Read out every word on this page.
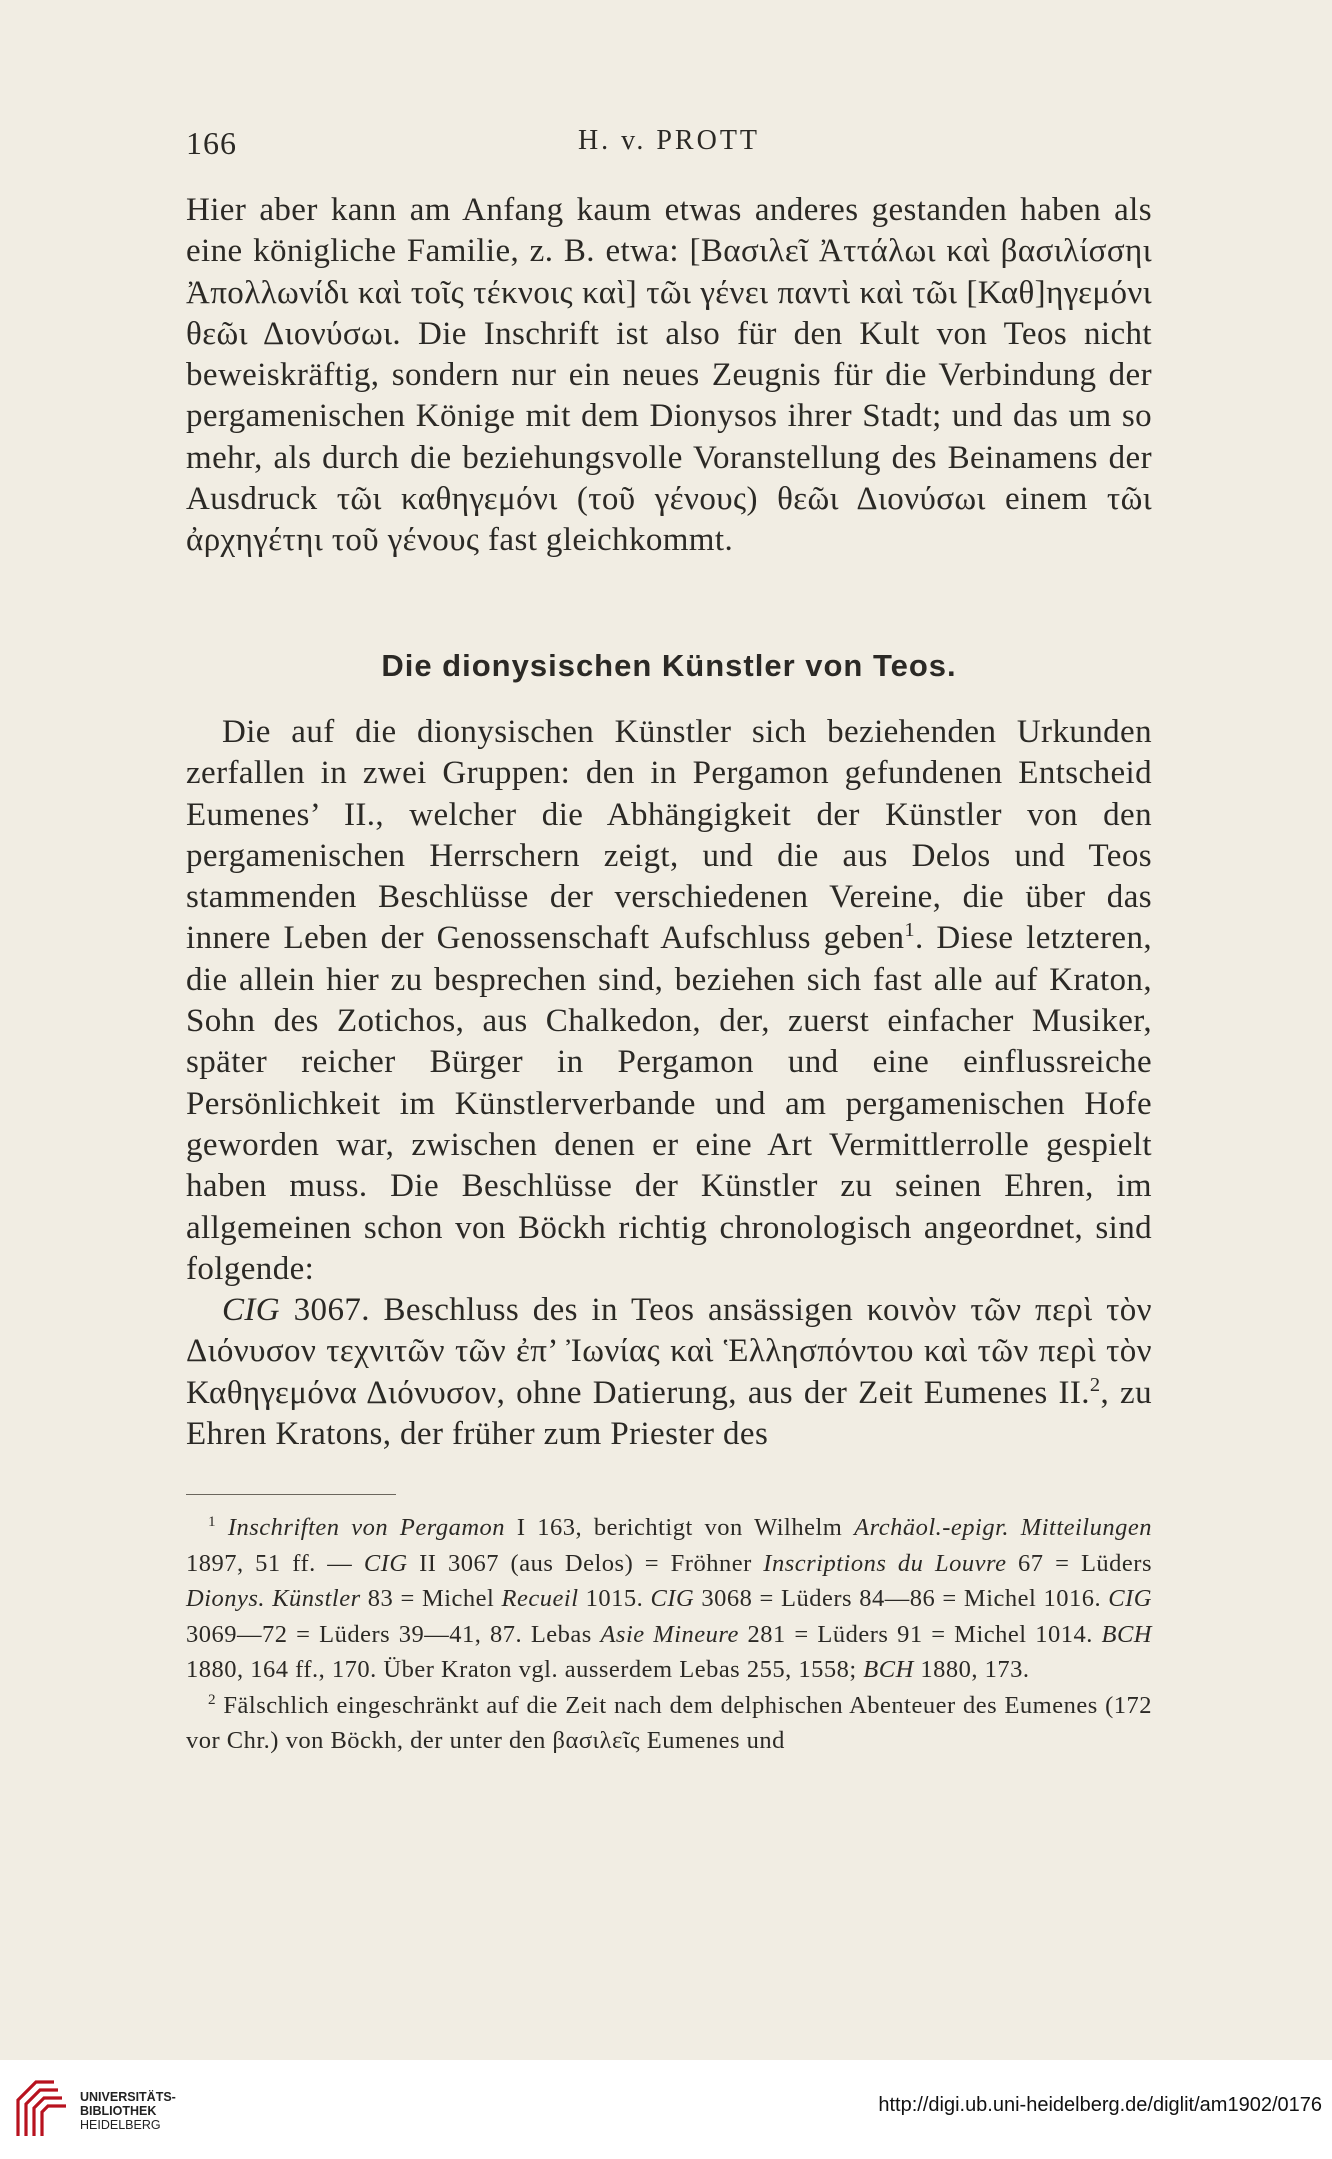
166	H. v. PROTT

Hier aber kann am Anfang kaum etwas anderes gestanden haben als eine königliche Familie, z. B. etwa: [Βασιλεῖ Ἀττάλωι καὶ βασιλίσσηι Ἀπολλωνίδι καὶ τοῖς τέκνοις καὶ] τῶι γένει παντὶ καὶ τῶι [Καθ]ηγεμόνι θεῶι Διονύσωι. Die Inschrift ist also für den Kult von Teos nicht beweiskräftig, sondern nur ein neues Zeugnis für die Verbindung der pergamenischen Könige mit dem Dionysos ihrer Stadt; und das um so mehr, als durch die beziehungsvolle Voranstellung des Beinamens der Ausdruck τῶι καθηγεμόνι (τοῦ γένους) θεῶι Διονύσωι einem τῶι ἀρχηγέτηι τοῦ γένους fast gleichkommt.

Die dionysischen Künstler von Teos.

Die auf die dionysischen Künstler sich beziehenden Urkunden zerfallen in zwei Gruppen: den in Pergamon gefundenen Entscheid Eumenes’ II., welcher die Abhängigkeit der Künstler von den pergamenischen Herrschern zeigt, und die aus Delos und Teos stammenden Beschlüsse der verschiedenen Vereine, die über das innere Leben der Genossenschaft Aufschluss geben$^1$. Diese letzteren, die allein hier zu besprechen sind, beziehen sich fast alle auf Kraton, Sohn des Zotichos, aus Chalkedon, der, zuerst einfacher Musiker, später reicher Bürger in Pergamon und eine einflussreiche Persönlichkeit im Künstlerverbande und am pergamenischen Hofe geworden war, zwischen denen er eine Art Vermittlerrolle gespielt haben muss. Die Beschlüsse der Künstler zu seinen Ehren, im allgemeinen schon von Böckh richtig chronologisch angeordnet, sind folgende:

CIG 3067. Beschluss des in Teos ansässigen κοινὸν τῶν περὶ τὸν Διόνυσον τεχνιτῶν τῶν ἐπ’ Ἰωνίας καὶ Ἑλλησπόντου καὶ τῶν περὶ τὸν Καθηγεμόνα Διόνυσον, ohne Datierung, aus der Zeit Eumenes II.$^2$, zu Ehren Kratons, der früher zum Priester des

$^1$ Inschriften von Pergamon I 163, berichtigt von Wilhelm Archäol.-epigr. Mitteilungen 1897, 51 ff. — CIG II 3067 (aus Delos) = Fröhner Inscriptions du Louvre 67 = Lüders Dionys. Künstler 83 = Michel Recueil 1015. CIG 3068 = Lüders 84—86 = Michel 1016. CIG 3069—72 = Lüders 39—41, 87. Lebas Asie Mineure 281 = Lüders 91 = Michel 1014. BCH 1880, 164 ff., 170. Über Kraton vgl. ausserdem Lebas 255, 1558; BCH 1880, 173.

$^2$ Fälschlich eingeschränkt auf die Zeit nach dem delphischen Abenteuer des Eumenes (172 vor Chr.) von Böckh, der unter den βασιλεῖς Eumenes und

UNIVERSITÄTS-
BIBLIOTHEK
HEIDELBERG
http://digi.ub.uni-heidelberg.de/diglit/am1902/0176
